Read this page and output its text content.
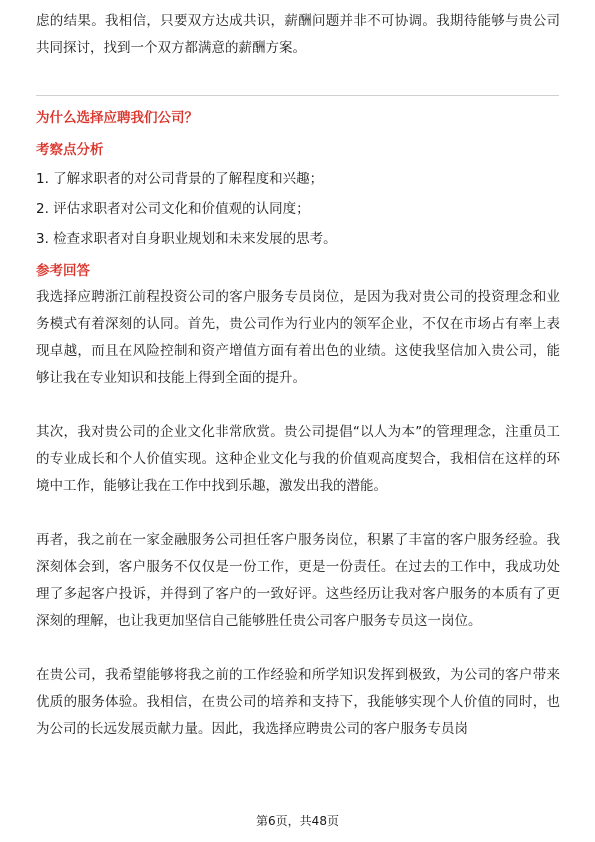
虑的结果。我相信，只要双方达成共识，薪酬问题并非不可协调。我期待能够与贵公司共同探讨，找到一个双方都满意的薪酬方案。

为什么选择应聘我们公司？

考察点分析

1. 了解求职者的对公司背景的了解程度和兴趣；
2. 评估求职者对公司文化和价值观的认同度；
3. 检查求职者对自身职业规划和未来发展的思考。

参考回答

我选择应聘浙江前程投资公司的客户服务专员岗位，是因为我对贵公司的投资理念和业务模式有着深刻的认同。首先，贵公司作为行业内的领军企业，不仅在市场占有率上表现卓越，而且在风险控制和资产增值方面有着出色的业绩。这使我坚信加入贵公司，能够让我在专业知识和技能上得到全面的提升。

其次，我对贵公司的企业文化非常欣赏。贵公司提倡“以人为本”的管理理念，注重员工的专业成长和个人价值实现。这种企业文化与我的价值观高度契合，我相信在这样的环境中工作，能够让我在工作中找到乐趣，激发出我的潜能。

再者，我之前在一家金融服务公司担任客户服务岗位，积累了丰富的客户服务经验。我深刻体会到，客户服务不仅仅是一份工作，更是一份责任。在过去的工作中，我成功处理了多起客户投诉，并得到了客户的一致好评。这些经历让我对客户服务的本质有了更深刻的理解，也让我更加坚信自己能够胜任贵公司客户服务专员这一岗位。

在贵公司，我希望能够将我之前的工作经验和所学知识发挥到极致，为公司的客户带来优质的服务体验。我相信，在贵公司的培养和支持下，我能够实现个人价值的同时，也为公司的长远发展贡献力量。因此，我选择应聘贵公司的客户服务专员岗

第6页，共48页
